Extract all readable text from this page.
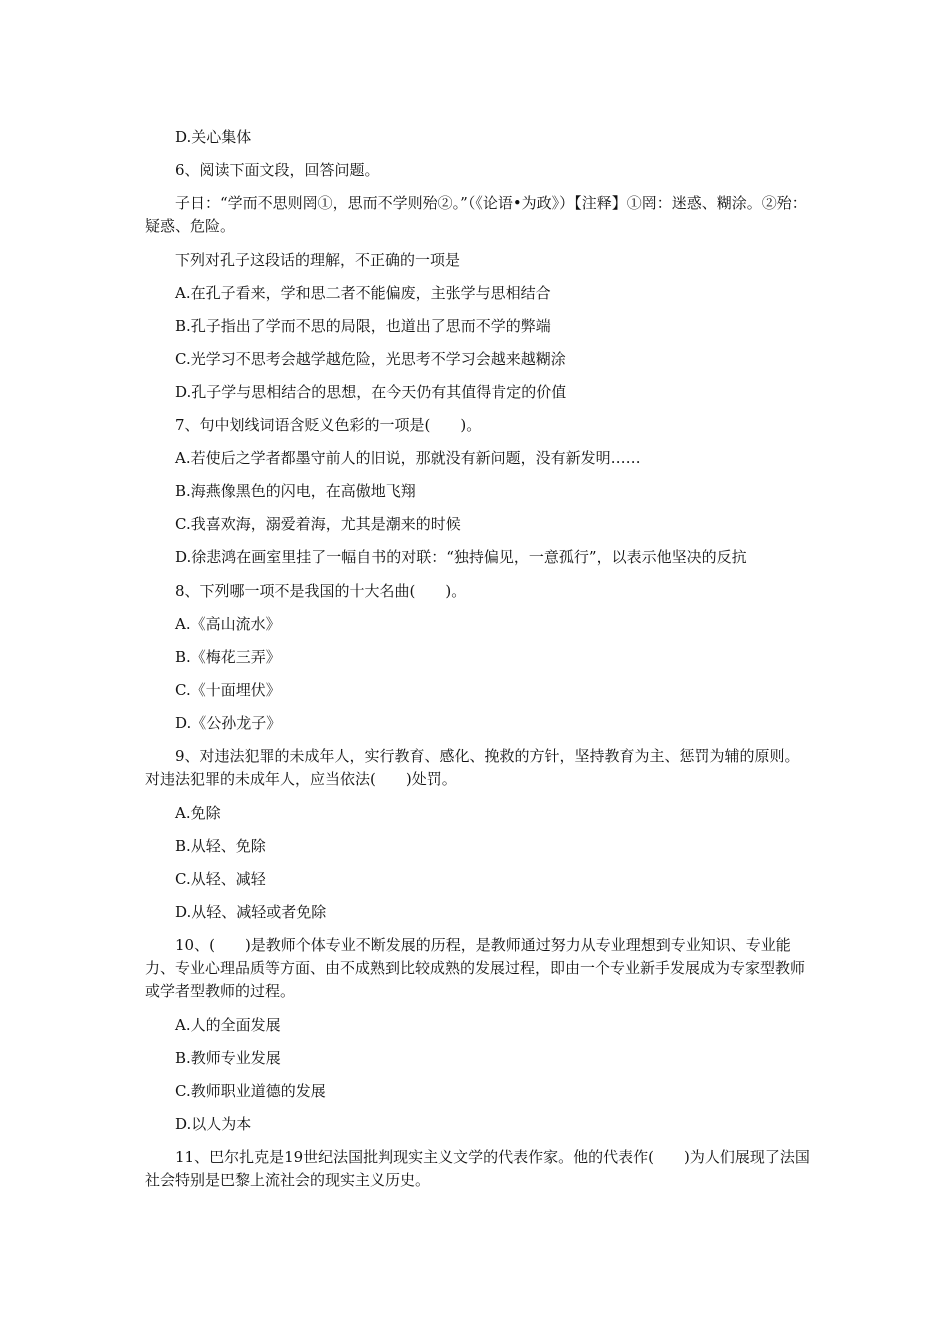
D.关心集体

6、阅读下面文段，回答问题。

子日：“学而不思则罔①，思而不学则殆②。”（《论语•为政》）【注释】①罔：迷惑、糊涂。②殆：疑惑、危险。

下列对孔子这段话的理解，不正确的一项是

A.在孔子看来，学和思二者不能偏废，主张学与思相结合

B.孔子指出了学而不思的局限，也道出了思而不学的弊端

C.光学习不思考会越学越危险，光思考不学习会越来越糊涂

D.孔子学与思相结合的思想，在今天仍有其值得肯定的价值

7、句中划线词语含贬义色彩的一项是(　　)。

A.若使后之学者都墨守前人的旧说，那就没有新问题，没有新发明……

B.海燕像黑色的闪电，在高傲地飞翔

C.我喜欢海，溺爱着海，尤其是潮来的时候

D.徐悲鸿在画室里挂了一幅自书的对联：“独持偏见，一意孤行”，以表示他坚决的反抗

8、下列哪一项不是我国的十大名曲(　　)。

A.《高山流水》

B.《梅花三弄》

C.《十面埋伏》

D.《公孙龙子》

9、对违法犯罪的未成年人，实行教育、感化、挽救的方针，坚持教育为主、惩罚为辅的原则。对违法犯罪的未成年人，应当依法(　　)处罚。

A.免除

B.从轻、免除

C.从轻、减轻

D.从轻、减轻或者免除

10、(　　)是教师个体专业不断发展的历程，是教师通过努力从专业理想到专业知识、专业能力、专业心理品质等方面、由不成熟到比较成熟的发展过程，即由一个专业新手发展成为专家型教师或学者型教师的过程。

A.人的全面发展

B.教师专业发展

C.教师职业道德的发展

D.以人为本

11、巴尔扎克是19世纪法国批判现实主义文学的代表作家。他的代表作(　　)为人们展现了法国社会特别是巴黎上流社会的现实主义历史。
